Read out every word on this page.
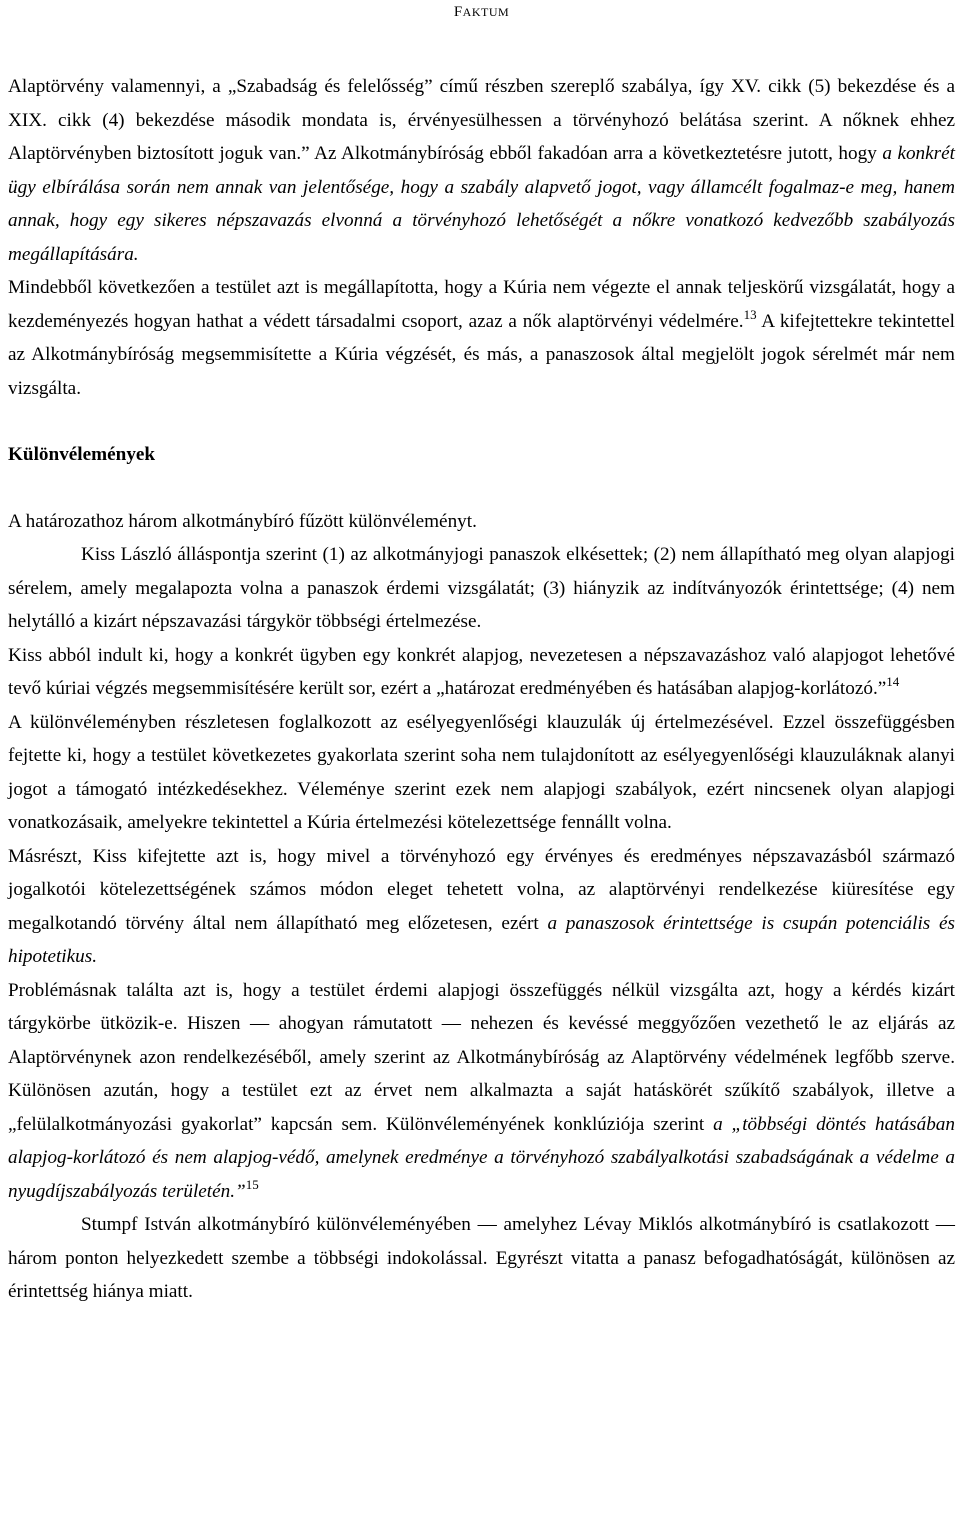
FAKTUM

Alaptörvény valamennyi, a „Szabadság és felelősség” című részben szereplő szabálya, így XV. cikk (5) bekezdése és a XIX. cikk (4) bekezdése második mondata is, érvényesülhessen a törvényhozó belátása szerint. A nőknek ehhez Alaptörvényben biztosított joguk van.” Az Alkotmánybíróság ebből fakadóan arra a következtetésre jutott, hogy a konkrét ügy elbírálása során nem annak van jelentősége, hogy a szabály alapvető jogot, vagy államcélt fogalmaz-e meg, hanem annak, hogy egy sikeres népszavazás elvonná a törvényhozó lehetőségét a nőkre vonatkozó kedvezőbb szabályozás megállapítására.

Mindebből következően a testület azt is megállapította, hogy a Kúria nem végezte el annak teljeskörű vizsgálatát, hogy a kezdeményezés hogyan hathat a védett társadalmi csoport, azaz a nők alaptörvényi védelmére.$^{13}$ A kifejtettekre tekintettel az Alkotmánybíróság megsemmisítette a Kúria végzését, és más, a panaszosok által megjelölt jogok sérelmét már nem vizsgálta.

Különvélemények

A határozathoz három alkotmánybíró fűzött különvéleményt.

Kiss László álláspontja szerint (1) az alkotmányjogi panaszok elkésettek; (2) nem állapítható meg olyan alapjogi sérelem, amely megalapozta volna a panaszok érdemi vizsgálatát; (3) hiányzik az indítványozók érintettsége; (4) nem helytálló a kizárt népszavazási tárgykör többségi értelmezése.

Kiss abból indult ki, hogy a konkrét ügyben egy konkrét alapjog, nevezetesen a népszavazáshoz való alapjogot lehetővé tevő kúriai végzés megsemmisítésére került sor, ezért a „határozat eredményében és hatásában alapjog-korlátozó.”$^{14}$

A különvéleményben részletesen foglalkozott az esélyegyenlőségi klauzulák új értelmezésével. Ezzel összefüggésben fejtette ki, hogy a testület következetes gyakorlata szerint soha nem tulajdonított az esélyegyenlőségi klauzuláknak alanyi jogot a támogató intézkedésekhez. Véleménye szerint ezek nem alapjogi szabályok, ezért nincsenek olyan alapjogi vonatkozásaik, amelyekre tekintettel a Kúria értelmezési kötelezettsége fennállt volna.

Másrészt, Kiss kifejtette azt is, hogy mivel a törvényhozó egy érvényes és eredményes népszavazásból származó jogalkotói kötelezettségének számos módon eleget tehetett volna, az alaptörvényi rendelkezése kiüresítése egy megalkotandó törvény által nem állapítható meg előzetesen, ezért a panaszosok érintettsége is csupán potenciális és hipotetikus.

Problémásnak találta azt is, hogy a testület érdemi alapjogi összefüggés nélkül vizsgálta azt, hogy a kérdés kizárt tárgykörbe ütközik-e. Hiszen — ahogyan rámutatott — nehezen és kevéssé meggyőzően vezethető le az eljárás az Alaptörvénynek azon rendelkezéséből, amely szerint az Alkotmánybíróság az Alaptörvény védelmének legfőbb szerve. Különösen azután, hogy a testület ezt az érvet nem alkalmazta a saját hatáskörét szűkítő szabályok, illetve a „felülalkotmányozási gyakorlat” kapcsán sem. Különvéleményének konklúziója szerint a „többségi döntés hatásában alapjog-korlátozó és nem alapjog-védő, amelynek eredménye a törvényhozó szabályalkotási szabadságának a védelme a nyugdíjszabályozás területén.”$^{15}$

Stumpf István alkotmánybíró különvéleményében — amelyhez Lévay Miklós alkotmánybíró is csatlakozott — három ponton helyezkedett szembe a többségi indokolással. Egyrészt vitatta a panasz befogadhatóságát, különösen az érintettség hiánya miatt.
